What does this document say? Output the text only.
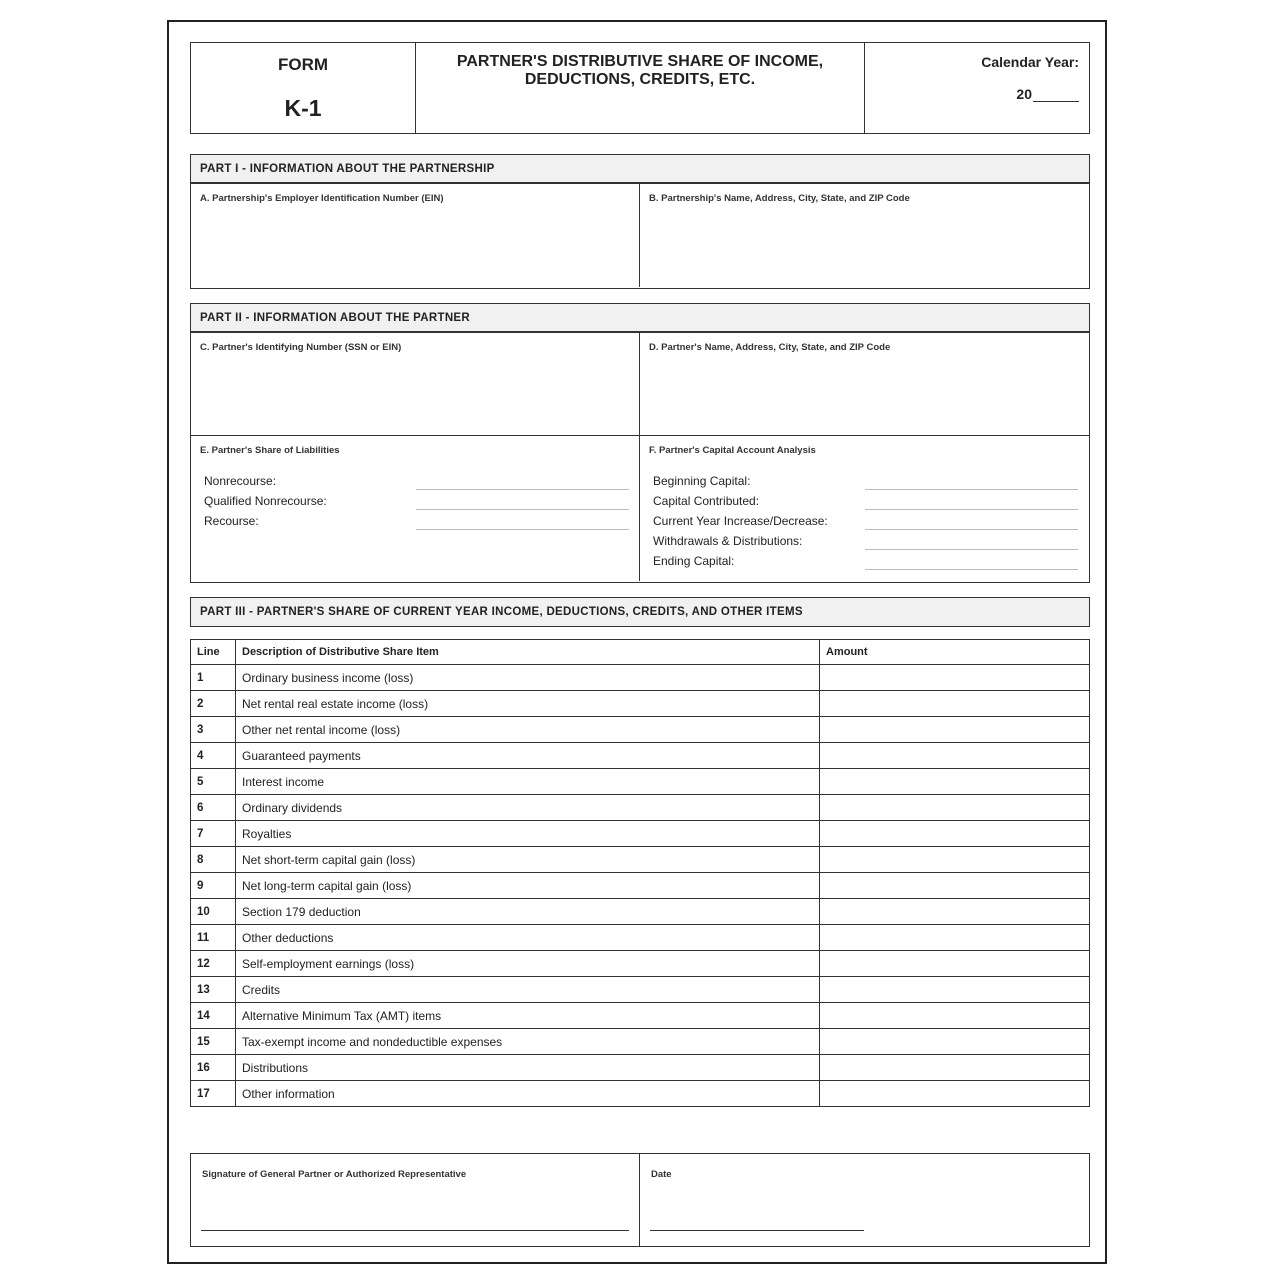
FORM
K-1
PARTNER'S DISTRIBUTIVE SHARE OF INCOME,
DEDUCTIONS, CREDITS, ETC.
Calendar Year:
20
PART I - INFORMATION ABOUT THE PARTNERSHIP
A. Partnership's Employer Identification Number (EIN)	B. Partnership's Name, Address, City, State, and ZIP Code
PART II - INFORMATION ABOUT THE PARTNER
C. Partner's Identifying Number (SSN or EIN)	D. Partner's Name, Address, City, State, and ZIP Code
E. Partner's Share of Liabilities
Nonrecourse:
Qualified Nonrecourse:
Recourse:
F. Partner's Capital Account Analysis
Beginning Capital:
Capital Contributed:
Current Year Increase/Decrease:
Withdrawals & Distributions:
Ending Capital:
PART III - PARTNER'S SHARE OF CURRENT YEAR INCOME, DEDUCTIONS, CREDITS, AND OTHER ITEMS
Line	Description of Distributive Share Item	Amount
1	Ordinary business income (loss)	
2	Net rental real estate income (loss)	
3	Other net rental income (loss)	
4	Guaranteed payments	
5	Interest income	
6	Ordinary dividends	
7	Royalties	
8	Net short-term capital gain (loss)	
9	Net long-term capital gain (loss)	
10	Section 179 deduction	
11	Other deductions	
12	Self-employment earnings (loss)	
13	Credits	
14	Alternative Minimum Tax (AMT) items	
15	Tax-exempt income and nondeductible expenses	
16	Distributions	
17	Other information	
Signature of General Partner or Authorized Representative	Date
